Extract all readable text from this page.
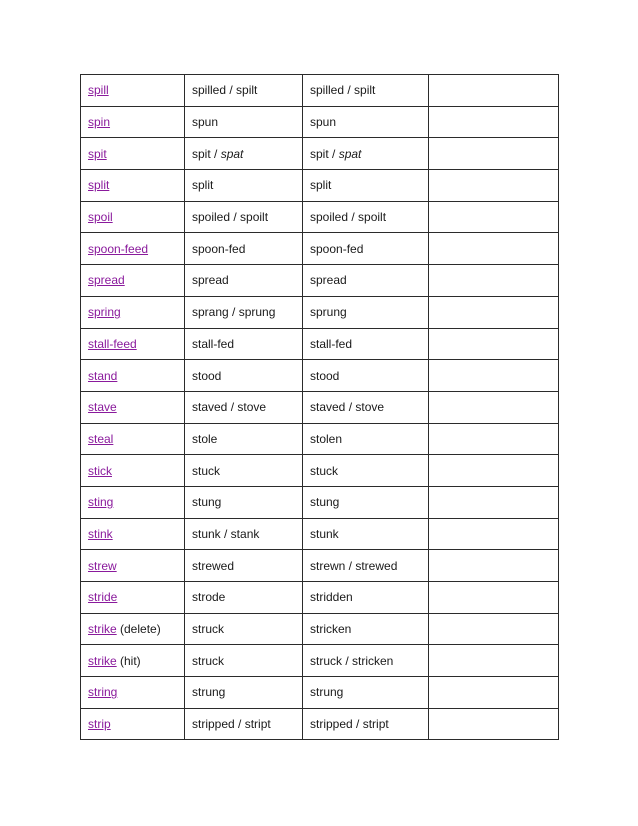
spill	spilled / spilt	spilled / spilt	
spin	spun	spun	
spit	spit / spat	spit / spat	
split	split	split	
spoil	spoiled / spoilt	spoiled / spoilt	
spoon-feed	spoon-fed	spoon-fed	
spread	spread	spread	
spring	sprang / sprung	sprung	
stall-feed	stall-fed	stall-fed	
stand	stood	stood	
stave	staved / stove	staved / stove	
steal	stole	stolen	
stick	stuck	stuck	
sting	stung	stung	
stink	stunk / stank	stunk	
strew	strewed	strewn / strewed	
stride	strode	stridden	
strike (delete)	struck	stricken	
strike (hit)	struck	struck / stricken	
string	strung	strung	
strip	stripped / stript	stripped / stript	
